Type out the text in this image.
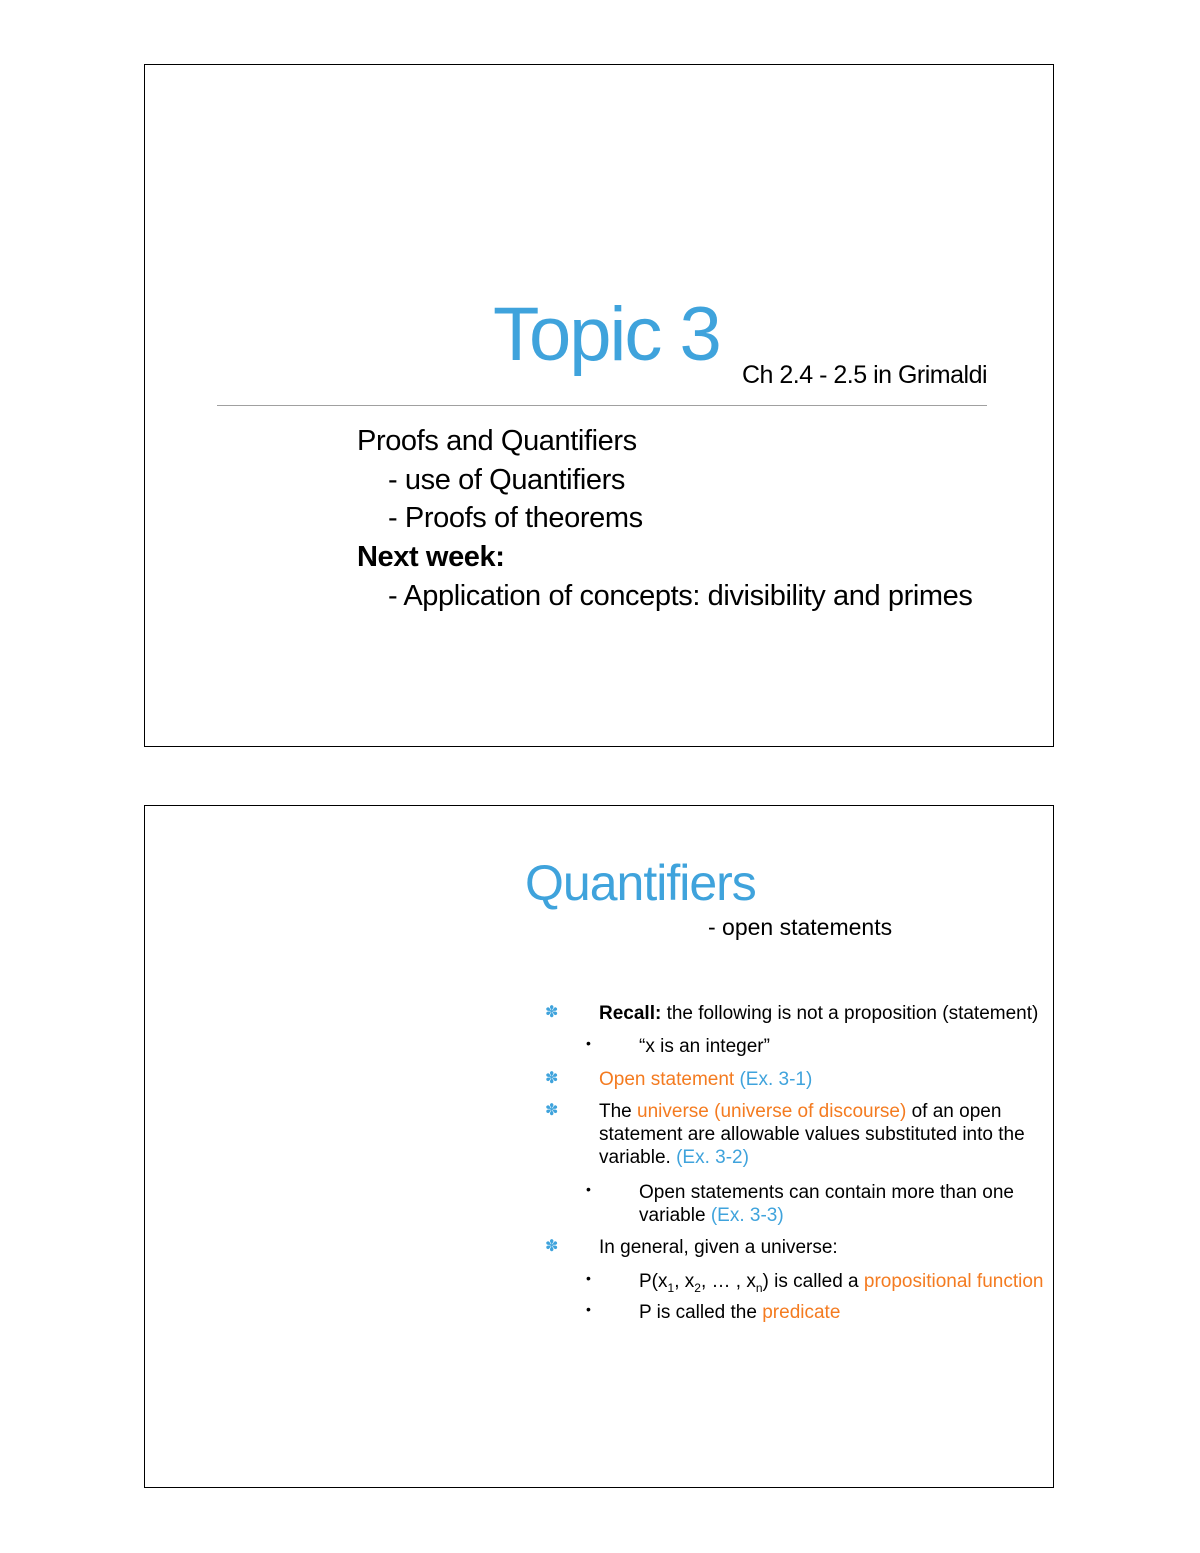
Topic 3 Ch 2.4 - 2.5 in Grimaldi
Proofs and Quantifiers
- use of Quantifiers
- Proofs of theorems
Next week:
- Application of concepts: divisibility and primes
Quantifiers
- open statements
✽ Recall: the following is not a proposition (statement)
•	“x is an integer”
✽ Open statement (Ex. 3-1)
✽ The universe (universe of discourse) of an open
statement are allowable values substituted into the
variable. (Ex. 3-2)
•	Open statements can contain more than one
variable (Ex. 3-3)
✽ In general, given a universe:
•	$P(x_1$, $x_2$, … , $x_n$) is called a propositional function
•	P is called the predicate
